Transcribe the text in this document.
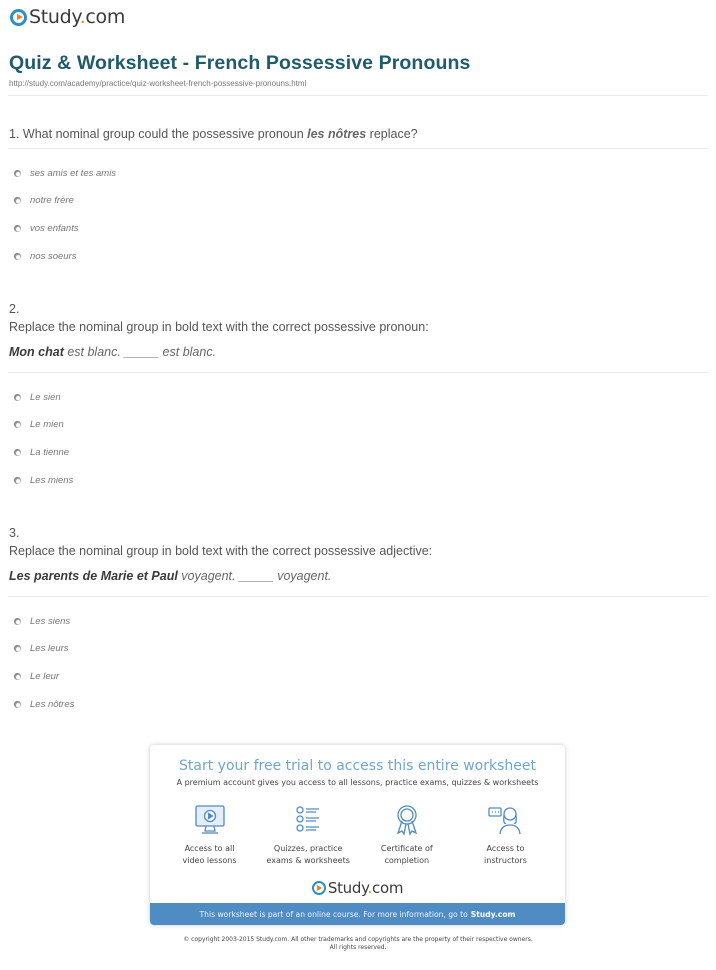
Study.com
Quiz & Worksheet - French Possessive Pronouns
http://study.com/academy/practice/quiz-worksheet-french-possessive-pronouns.html
1. What nominal group could the possessive pronoun les nôtres replace?
ses amis et tes amis
notre frère
vos enfants
nos soeurs
2.
Replace the nominal group in bold text with the correct possessive pronoun:
Mon chat est blanc. _____ est blanc.
Le sien
Le mien
La tienne
Les miens
3.
Replace the nominal group in bold text with the correct possessive adjective:
Les parents de Marie et Paul voyagent. _____ voyagent.
Les siens
Les leurs
Le leur
Les nôtres
Start your free trial to access this entire worksheet
A premium account gives you access to all lessons, practice exams, quizzes & worksheets
Access to all
video lessons
Quizzes, practice
exams & worksheets
Certificate of
completion
Access to
instructors
Study.com
This worksheet is part of an online course. For more information, go to Study.com
© copyright 2003-2015 Study.com. All other trademarks and copyrights are the property of their respective owners.
All rights reserved.
